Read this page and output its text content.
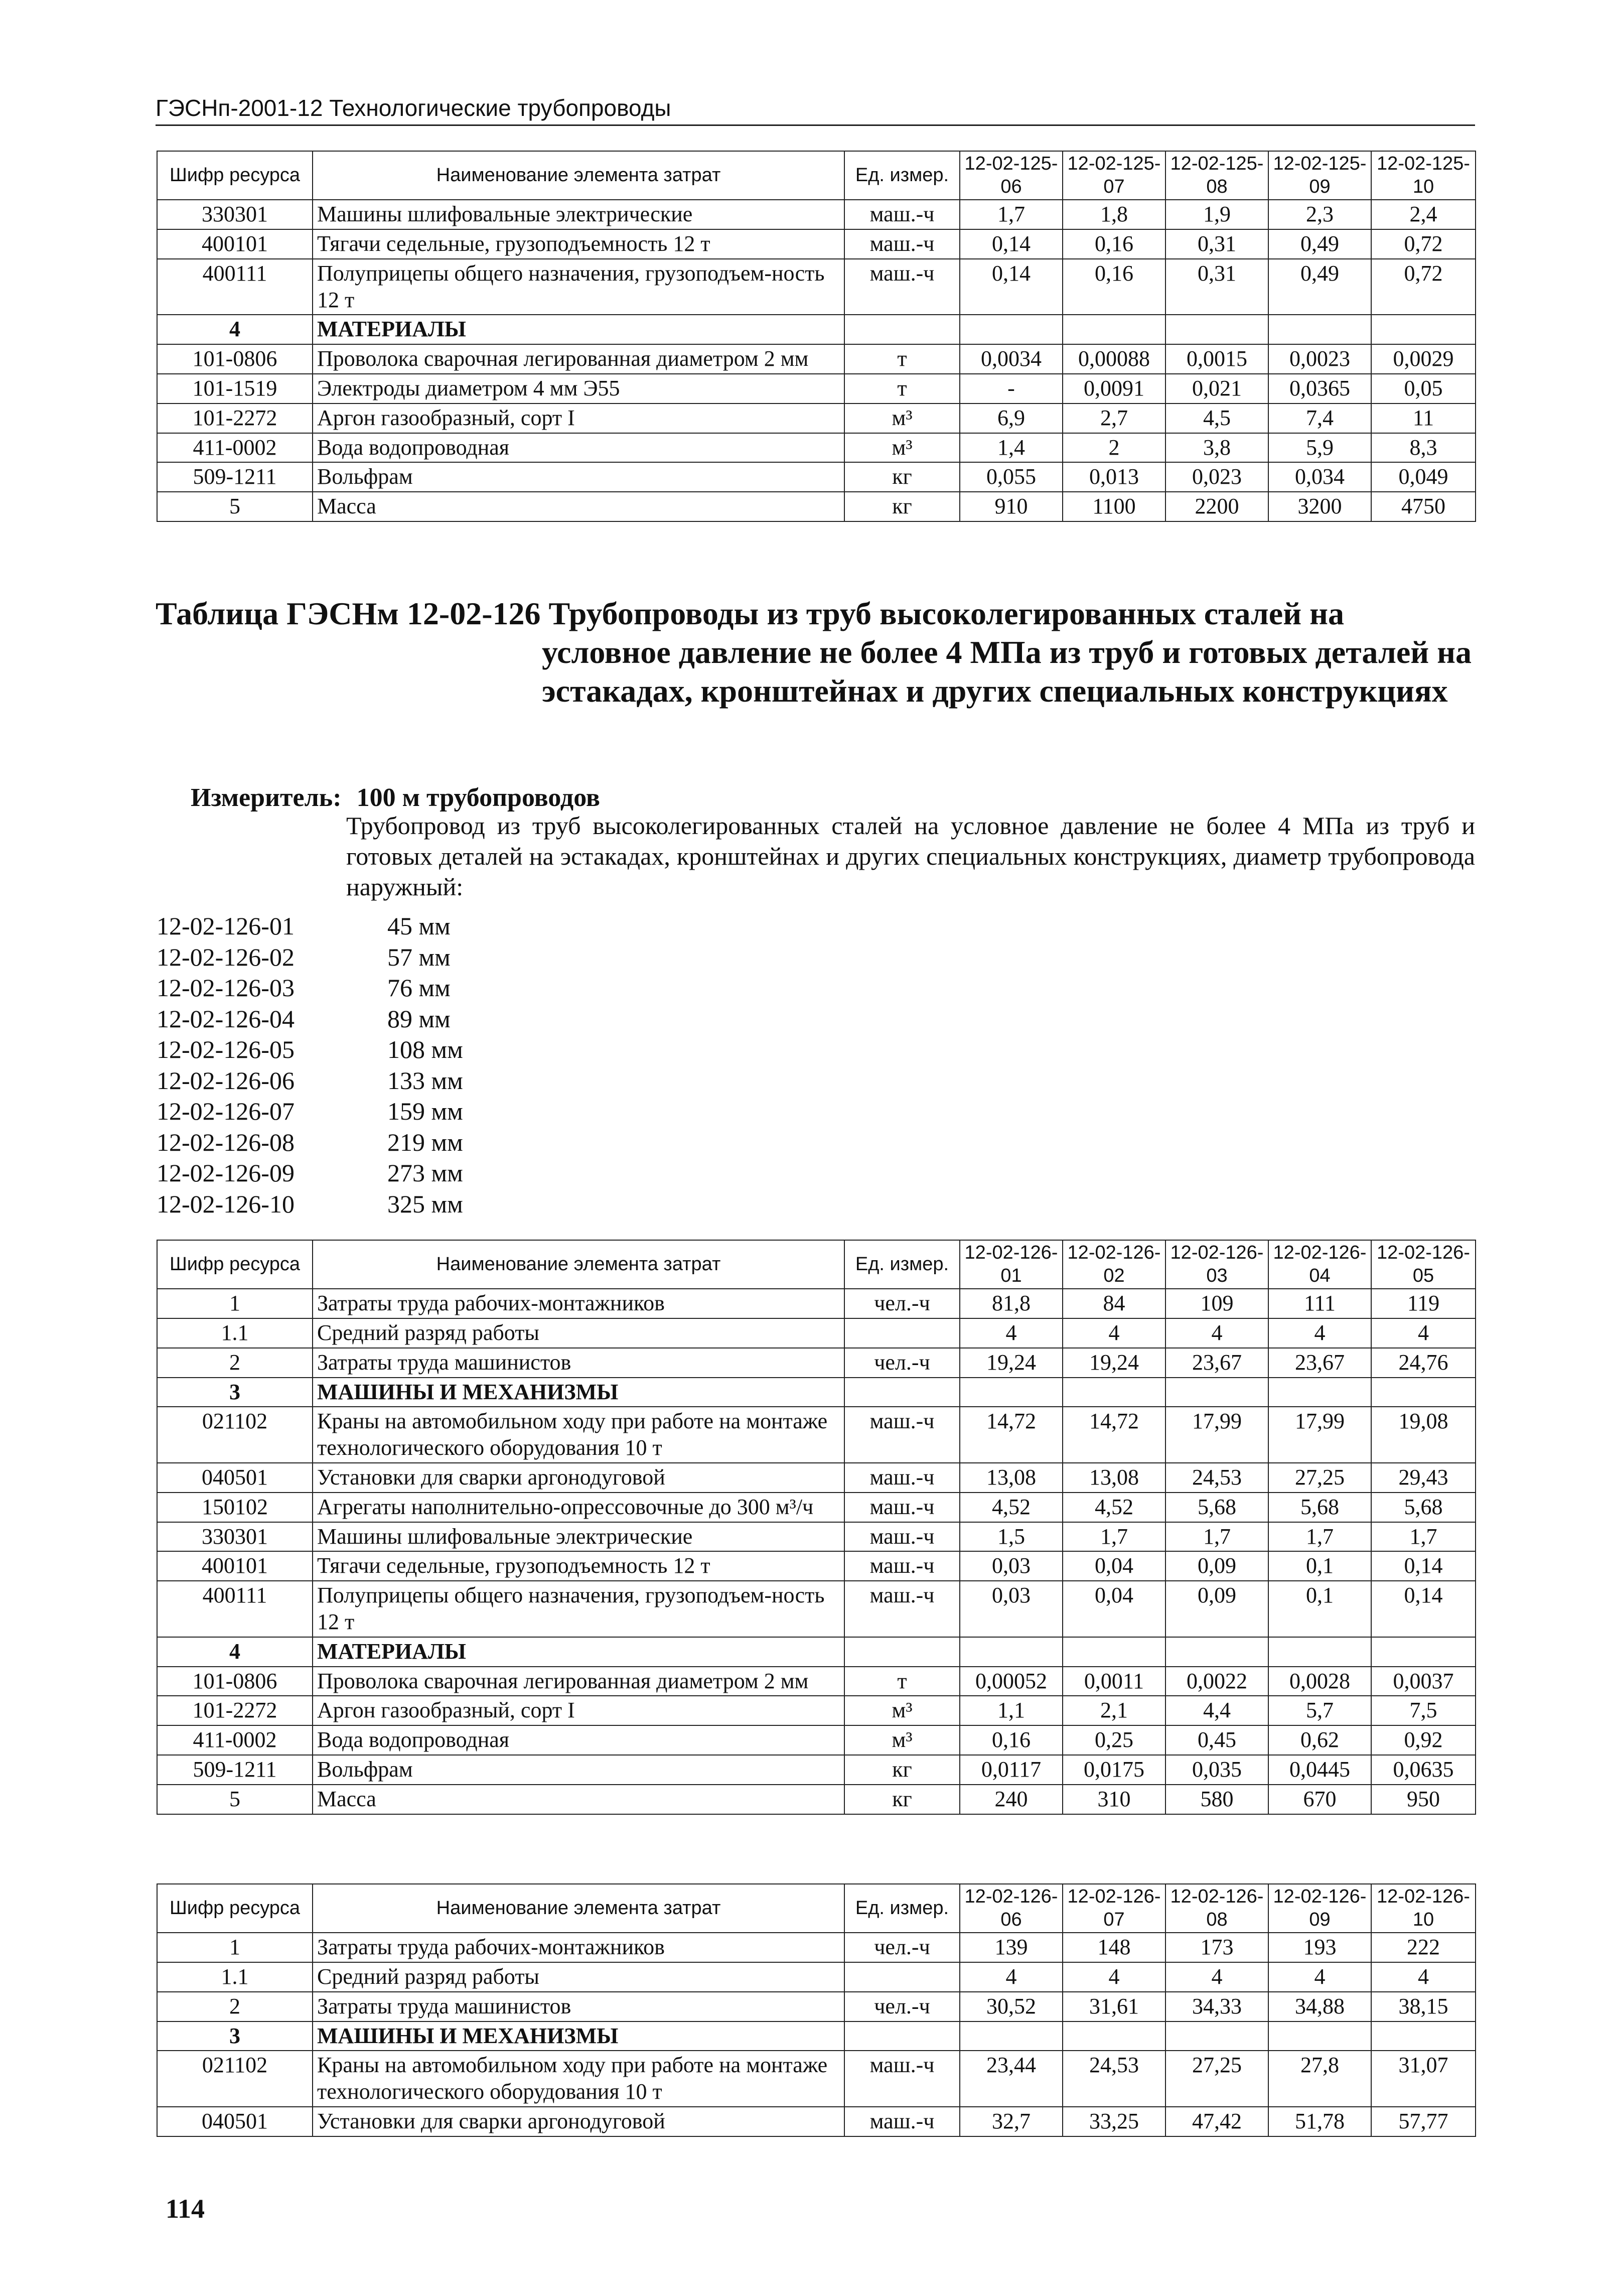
ГЭСНп-2001-12 Технологические трубопроводы
Шифр ресурса	Наименование элемента затрат	Ед. измер.	12-02-125-06	12-02-125-07	12-02-125-08	12-02-125-09	12-02-125-10
330301	Машины шлифовальные электрические	маш.-ч	1,7	1,8	1,9	2,3	2,4
400101	Тягачи седельные, грузоподъемность 12 т	маш.-ч	0,14	0,16	0,31	0,49	0,72
400111	Полуприцепы общего назначения, грузоподъем-ность 12 т	маш.-ч	0,14	0,16	0,31	0,49	0,72
4	МАТЕРИАЛЫ						
101-0806	Проволока сварочная легированная диаметром 2 мм	т	0,0034	0,00088	0,0015	0,0023	0,0029
101-1519	Электроды диаметром 4 мм Э55	т	-	0,0091	0,021	0,0365	0,05
101-2272	Аргон газообразный, сорт I	м³	6,9	2,7	4,5	7,4	11
411-0002	Вода водопроводная	м³	1,4	2	3,8	5,9	8,3
509-1211	Вольфрам	кг	0,055	0,013	0,023	0,034	0,049
5	Масса	кг	910	1100	2200	3200	4750
Таблица ГЭСНм 12-02-126 Трубопроводы из труб высоколегированных сталей на
условное давление не более 4 МПа из труб и готовых деталей на эстакадах, кронштейнах и других специальных конструкциях
Измеритель: 100 м трубопроводов
Трубопровод из труб высоколегированных сталей на условное давление не более 4 МПа из труб и готовых деталей на эстакадах, кронштейнах и других специальных конструкциях, диаметр трубопровода наружный:
12-02-126-01	45 мм
12-02-126-02	57 мм
12-02-126-03	76 мм
12-02-126-04	89 мм
12-02-126-05	108 мм
12-02-126-06	133 мм
12-02-126-07	159 мм
12-02-126-08	219 мм
12-02-126-09	273 мм
12-02-126-10	325 мм
Шифр ресурса	Наименование элемента затрат	Ед. измер.	12-02-126-01	12-02-126-02	12-02-126-03	12-02-126-04	12-02-126-05
1	Затраты труда рабочих-монтажников	чел.-ч	81,8	84	109	111	119
1.1	Средний разряд работы		4	4	4	4	4
2	Затраты труда машинистов	чел.-ч	19,24	19,24	23,67	23,67	24,76
3	МАШИНЫ И МЕХАНИЗМЫ						
021102	Краны на автомобильном ходу при работе на монтаже технологического оборудования 10 т	маш.-ч	14,72	14,72	17,99	17,99	19,08
040501	Установки для сварки аргонодуговой	маш.-ч	13,08	13,08	24,53	27,25	29,43
150102	Агрегаты наполнительно-опрессовочные до 300 м³/ч	маш.-ч	4,52	4,52	5,68	5,68	5,68
330301	Машины шлифовальные электрические	маш.-ч	1,5	1,7	1,7	1,7	1,7
400101	Тягачи седельные, грузоподъемность 12 т	маш.-ч	0,03	0,04	0,09	0,1	0,14
400111	Полуприцепы общего назначения, грузоподъем-ность 12 т	маш.-ч	0,03	0,04	0,09	0,1	0,14
4	МАТЕРИАЛЫ						
101-0806	Проволока сварочная легированная диаметром 2 мм	т	0,00052	0,0011	0,0022	0,0028	0,0037
101-2272	Аргон газообразный, сорт I	м³	1,1	2,1	4,4	5,7	7,5
411-0002	Вода водопроводная	м³	0,16	0,25	0,45	0,62	0,92
509-1211	Вольфрам	кг	0,0117	0,0175	0,035	0,0445	0,0635
5	Масса	кг	240	310	580	670	950
Шифр ресурса	Наименование элемента затрат	Ед. измер.	12-02-126-06	12-02-126-07	12-02-126-08	12-02-126-09	12-02-126-10
1	Затраты труда рабочих-монтажников	чел.-ч	139	148	173	193	222
1.1	Средний разряд работы		4	4	4	4	4
2	Затраты труда машинистов	чел.-ч	30,52	31,61	34,33	34,88	38,15
3	МАШИНЫ И МЕХАНИЗМЫ						
021102	Краны на автомобильном ходу при работе на монтаже технологического оборудования 10 т	маш.-ч	23,44	24,53	27,25	27,8	31,07
040501	Установки для сварки аргонодуговой	маш.-ч	32,7	33,25	47,42	51,78	57,77
114
